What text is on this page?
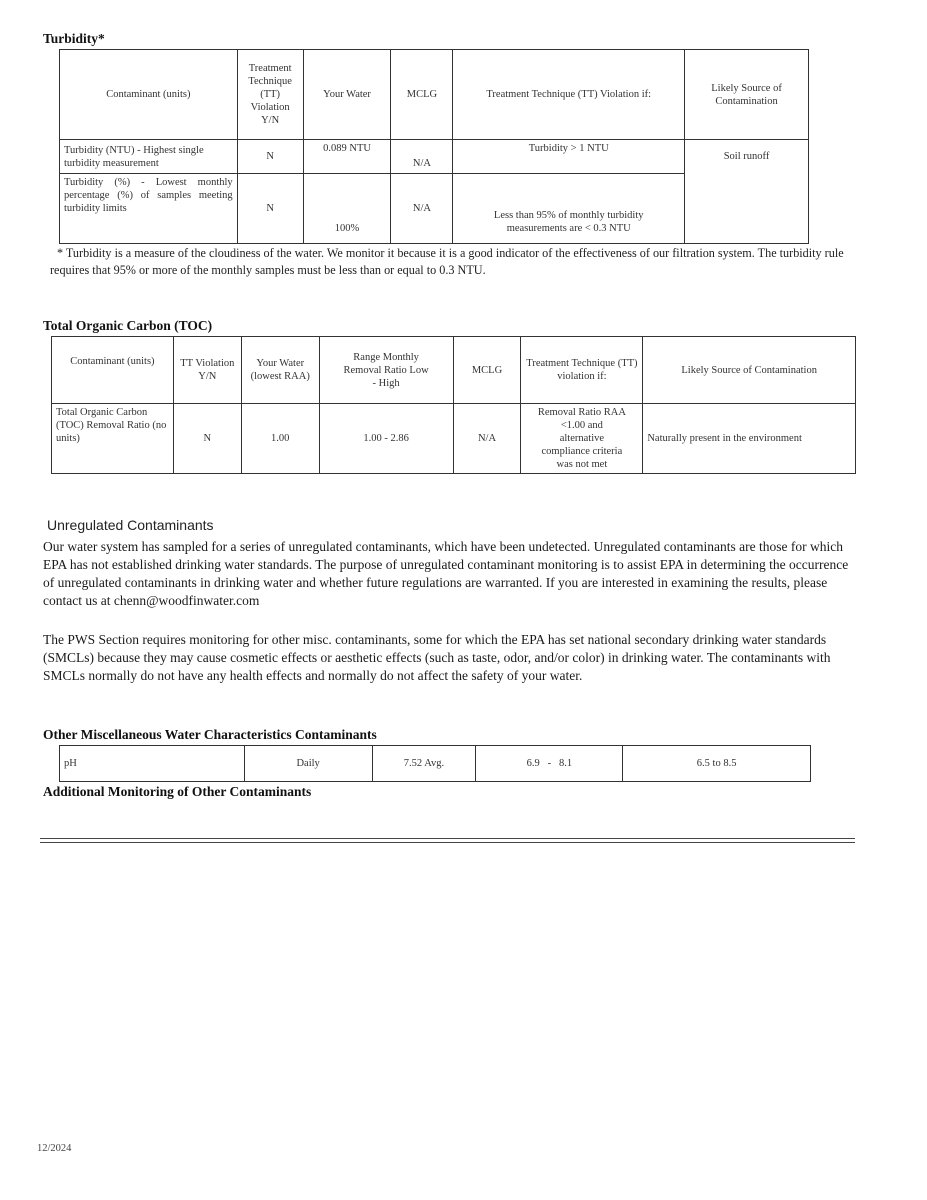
Turbidity*
Contaminant (units)	Treatment Technique (TT) Violation Y/N	Your Water	MCLG	Treatment Technique (TT) Violation if:	Likely Source of Contamination
Turbidity (NTU) - Highest single turbidity measurement	N	0.089 NTU	N/A	Turbidity > 1 NTU	Soil runoff
Turbidity (%) - Lowest monthly percentage (%) of samples meeting turbidity limits	N	100%	N/A	Less than 95% of monthly turbidity measurements are < 0.3 NTU	
* Turbidity is a measure of the cloudiness of the water. We monitor it because it is a good indicator of the effectiveness of our filtration system. The turbidity rule requires that 95% or more of the monthly samples must be less than or equal to 0.3 NTU.
Total Organic Carbon (TOC)
Contaminant (units)	TT Violation Y/N	Your Water (lowest RAA)	Range Monthly Removal Ratio Low - High	MCLG	Treatment Technique (TT) violation if:	Likely Source of Contamination
Total Organic Carbon (TOC) Removal Ratio (no units)	N	1.00	1.00 - 2.86	N/A	Removal Ratio RAA <1.00 and alternative compliance criteria was not met	Naturally present in the environment
Unregulated Contaminants
Our water system has sampled for a series of unregulated contaminants, which have been undetected. Unregulated contaminants are those for which EPA has not established drinking water standards. The purpose of unregulated contaminant monitoring is to assist EPA in determining the occurrence of unregulated contaminants in drinking water and whether future regulations are warranted. If you are interested in examining the results, please contact us at chenn@woodfinwater.com
The PWS Section requires monitoring for other misc. contaminants, some for which the EPA has set national secondary drinking water standards (SMCLs) because they may cause cosmetic effects or aesthetic effects (such as taste, odor, and/or color) in drinking water. The contaminants with SMCLs normally do not have any health effects and normally do not affect the safety of your water.
Other Miscellaneous Water Characteristics Contaminants
pH	Daily	7.52 Avg.	6.9   -   8.1	6.5 to 8.5
Additional Monitoring of Other Contaminants
12/2024
